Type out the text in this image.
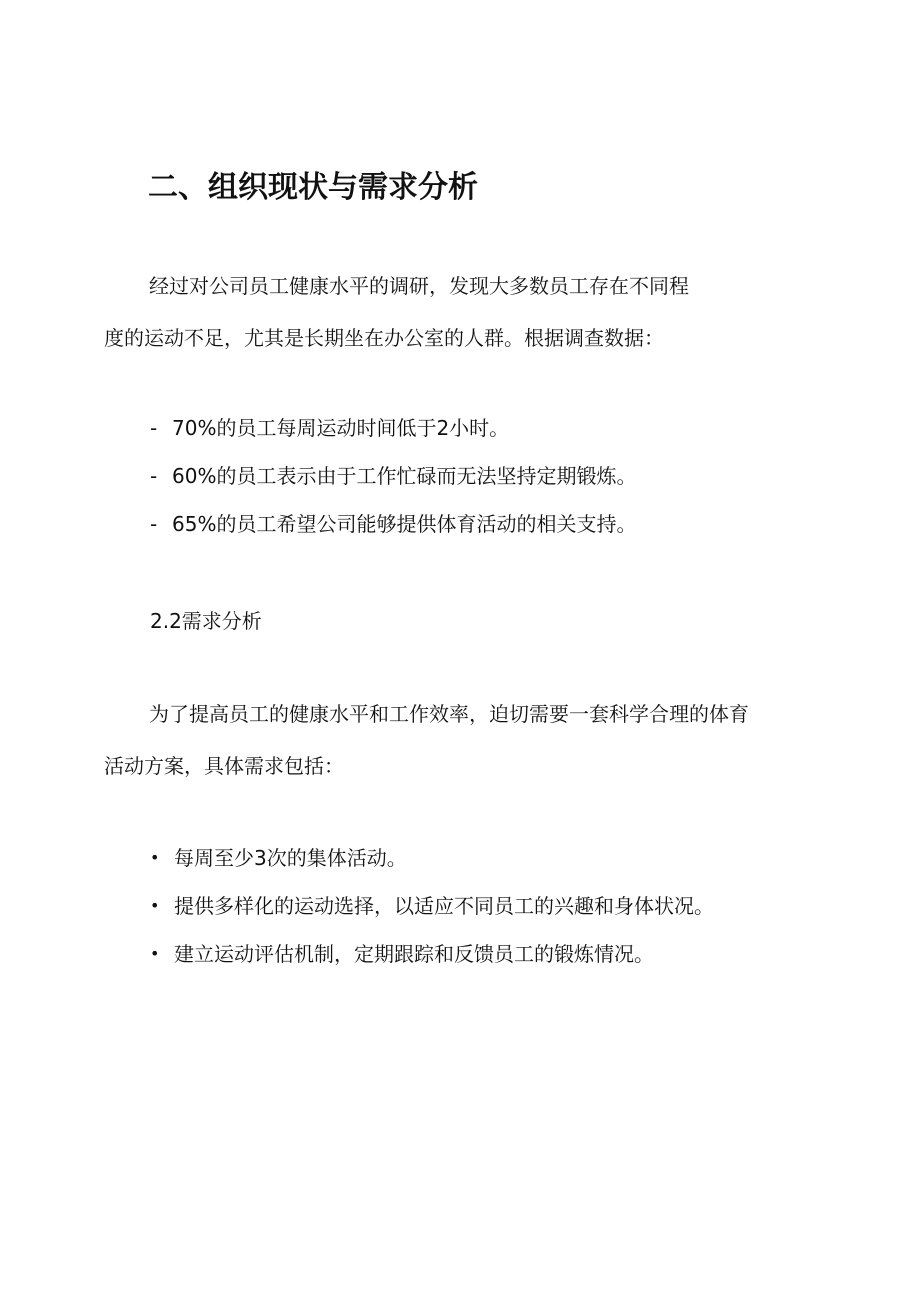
二、组织现状与需求分析
经过对公司员工健康水平的调研，发现大多数员工存在不同程
度的运动不足，尤其是长期坐在办公室的人群。根据调查数据：
- 70%的员工每周运动时间低于2小时。
- 60%的员工表示由于工作忙碌而无法坚持定期锻炼。
- 65%的员工希望公司能够提供体育活动的相关支持。
2.2需求分析
为了提高员工的健康水平和工作效率，迫切需要一套科学合理的体育
活动方案，具体需求包括：
• 每周至少3次的集体活动。
• 提供多样化的运动选择，以适应不同员工的兴趣和身体状况。
• 建立运动评估机制，定期跟踪和反馈员工的锻炼情况。
